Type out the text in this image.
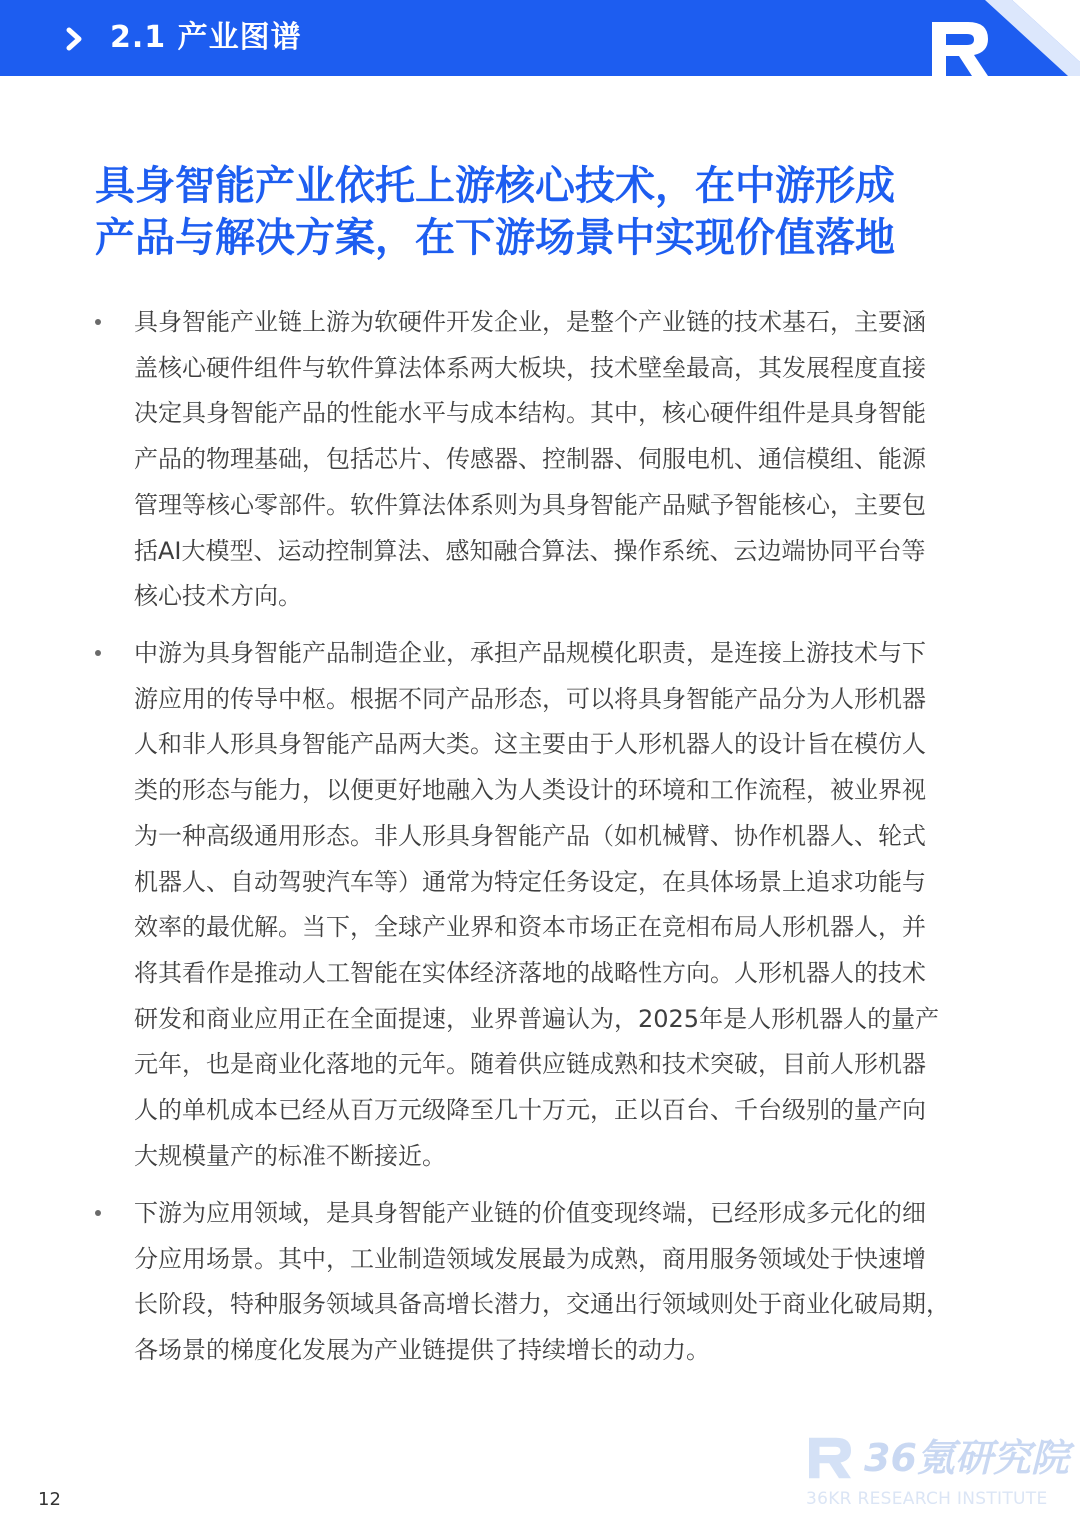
2.1 产业图谱
具身智能产业依托上游核心技术，在中游形成
产品与解决方案，在下游场景中实现价值落地
具身智能产业链上游为软硬件开发企业，是整个产业链的技术基石，主要涵
盖核心硬件组件与软件算法体系两大板块，技术壁垒最高，其发展程度直接
决定具身智能产品的性能水平与成本结构。其中，核心硬件组件是具身智能
产品的物理基础，包括芯片、传感器、控制器、伺服电机、通信模组、能源
管理等核心零部件。软件算法体系则为具身智能产品赋予智能核心，主要包
括AI大模型、运动控制算法、感知融合算法、操作系统、云边端协同平台等
核心技术方向。
中游为具身智能产品制造企业，承担产品规模化职责，是连接上游技术与下
游应用的传导中枢。根据不同产品形态，可以将具身智能产品分为人形机器
人和非人形具身智能产品两大类。这主要由于人形机器人的设计旨在模仿人
类的形态与能力，以便更好地融入为人类设计的环境和工作流程，被业界视
为一种高级通用形态。非人形具身智能产品（如机械臂、协作机器人、轮式
机器人、自动驾驶汽车等）通常为特定任务设定，在具体场景上追求功能与
效率的最优解。当下，全球产业界和资本市场正在竞相布局人形机器人，并
将其看作是推动人工智能在实体经济落地的战略性方向。人形机器人的技术
研发和商业应用正在全面提速，业界普遍认为，2025年是人形机器人的量产
元年，也是商业化落地的元年。随着供应链成熟和技术突破，目前人形机器
人的单机成本已经从百万元级降至几十万元，正以百台、千台级别的量产向
大规模量产的标准不断接近。
下游为应用领域，是具身智能产业链的价值变现终端，已经形成多元化的细
分应用场景。其中，工业制造领域发展最为成熟，商用服务领域处于快速增
长阶段，特种服务领域具备高增长潜力，交通出行领域则处于商业化破局期，
各场景的梯度化发展为产业链提供了持续增长的动力。
36氪研究院
36KR RESEARCH INSTITUTE
12
